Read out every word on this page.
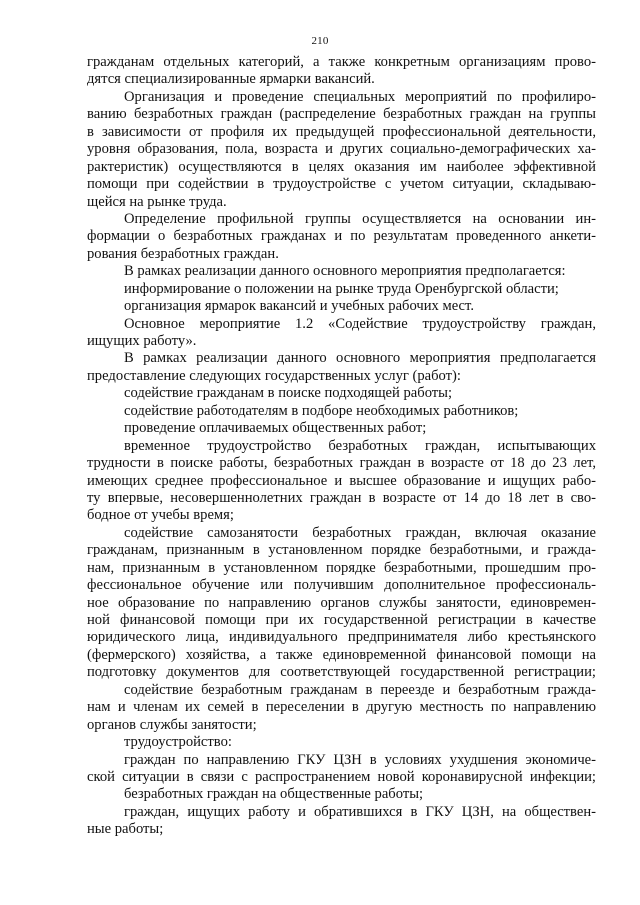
210
гражданам отдельных категорий, а также конкретным организациям прово-
дятся специализированные ярмарки вакансий.
Организация и проведение специальных мероприятий по профилиро-
ванию безработных граждан (распределение безработных граждан на группы
в зависимости от профиля их предыдущей профессиональной деятельности,
уровня образования, пола, возраста и других социально-демографических ха-
рактеристик) осуществляются в целях оказания им наиболее эффективной
помощи при содействии в трудоустройстве с учетом ситуации, складываю-
щейся на рынке труда.
Определение профильной группы осуществляется на основании ин-
формации о безработных гражданах и по результатам проведенного анкети-
рования безработных граждан.
В рамках реализации данного основного мероприятия предполагается:
информирование о положении на рынке труда Оренбургской области;
организация ярмарок вакансий и учебных рабочих мест.
Основное мероприятие 1.2 «Содействие трудоустройству граждан,
ищущих работу».
В рамках реализации данного основного мероприятия предполагается
предоставление следующих государственных услуг (работ):
содействие гражданам в поиске подходящей работы;
содействие работодателям в подборе необходимых работников;
проведение оплачиваемых общественных работ;
временное трудоустройство безработных граждан, испытывающих
трудности в поиске работы, безработных граждан в возрасте от 18 до 23 лет,
имеющих среднее профессиональное и высшее образование и ищущих рабо-
ту впервые, несовершеннолетних граждан в возрасте от 14 до 18 лет в сво-
бодное от учебы время;
содействие самозанятости безработных граждан, включая оказание
гражданам, признанным в установленном порядке безработными, и гражда-
нам, признанным в установленном порядке безработными, прошедшим про-
фессиональное обучение или получившим дополнительное профессиональ-
ное образование по направлению органов службы занятости, единовремен-
ной финансовой помощи при их государственной регистрации в качестве
юридического лица, индивидуального предпринимателя либо крестьянского
(фермерского) хозяйства, а также единовременной финансовой помощи на
подготовку документов для соответствующей государственной регистрации;
содействие безработным гражданам в переезде и безработным гражда-
нам и членам их семей в переселении в другую местность по направлению
органов службы занятости;
трудоустройство:
граждан по направлению ГКУ ЦЗН в условиях ухудшения экономиче-
ской ситуации в связи с распространением новой коронавирусной инфекции;
безработных граждан на общественные работы;
граждан, ищущих работу и обратившихся в ГКУ ЦЗН, на обществен-
ные работы;
